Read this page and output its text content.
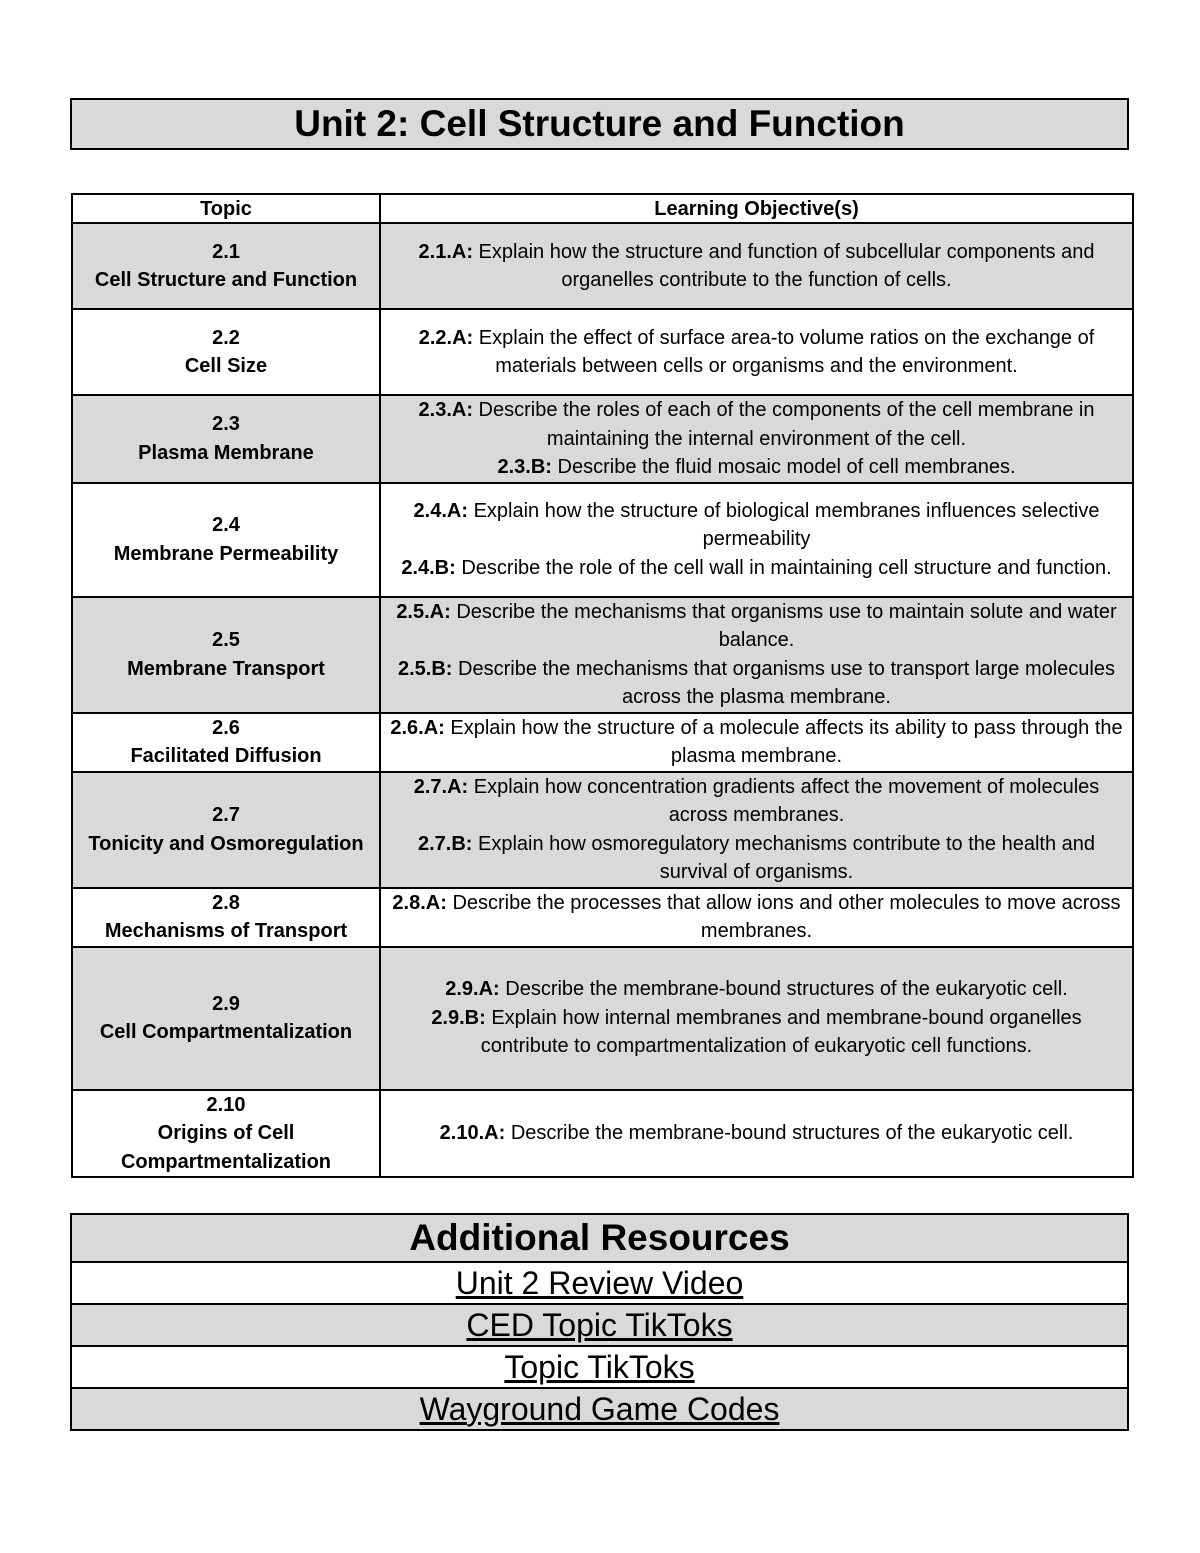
Unit 2: Cell Structure and Function
Topic	Learning Objective(s)

2.1
Cell Structure and Function	2.1.A: Explain how the structure and function of subcellular components and organelles contribute to the function of cells.

2.2
Cell Size	2.2.A: Explain the effect of surface area-to volume ratios on the exchange of materials between cells or organisms and the environment.

2.3
Plasma Membrane	2.3.A: Describe the roles of each of the components of the cell membrane in maintaining the internal environment of the cell.
2.3.B: Describe the fluid mosaic model of cell membranes.

2.4
Membrane Permeability	2.4.A: Explain how the structure of biological membranes influences selective permeability
2.4.B: Describe the role of the cell wall in maintaining cell structure and function.

2.5
Membrane Transport	2.5.A: Describe the mechanisms that organisms use to maintain solute and water balance.
2.5.B: Describe the mechanisms that organisms use to transport large molecules across the plasma membrane.

2.6
Facilitated Diffusion	2.6.A: Explain how the structure of a molecule affects its ability to pass through the plasma membrane.

2.7
Tonicity and Osmoregulation	2.7.A: Explain how concentration gradients affect the movement of molecules across membranes.
2.7.B: Explain how osmoregulatory mechanisms contribute to the health and survival of organisms.

2.8
Mechanisms of Transport	2.8.A: Describe the processes that allow ions and other molecules to move across membranes.

2.9
Cell Compartmentalization	2.9.A: Describe the membrane-bound structures of the eukaryotic cell.
2.9.B: Explain how internal membranes and membrane-bound organelles contribute to compartmentalization of eukaryotic cell functions.

2.10
Origins of Cell Compartmentalization	2.10.A: Describe the membrane-bound structures of the eukaryotic cell.
Additional Resources
Unit 2 Review Video
CED Topic TikToks
Topic TikToks
Wayground Game Codes
